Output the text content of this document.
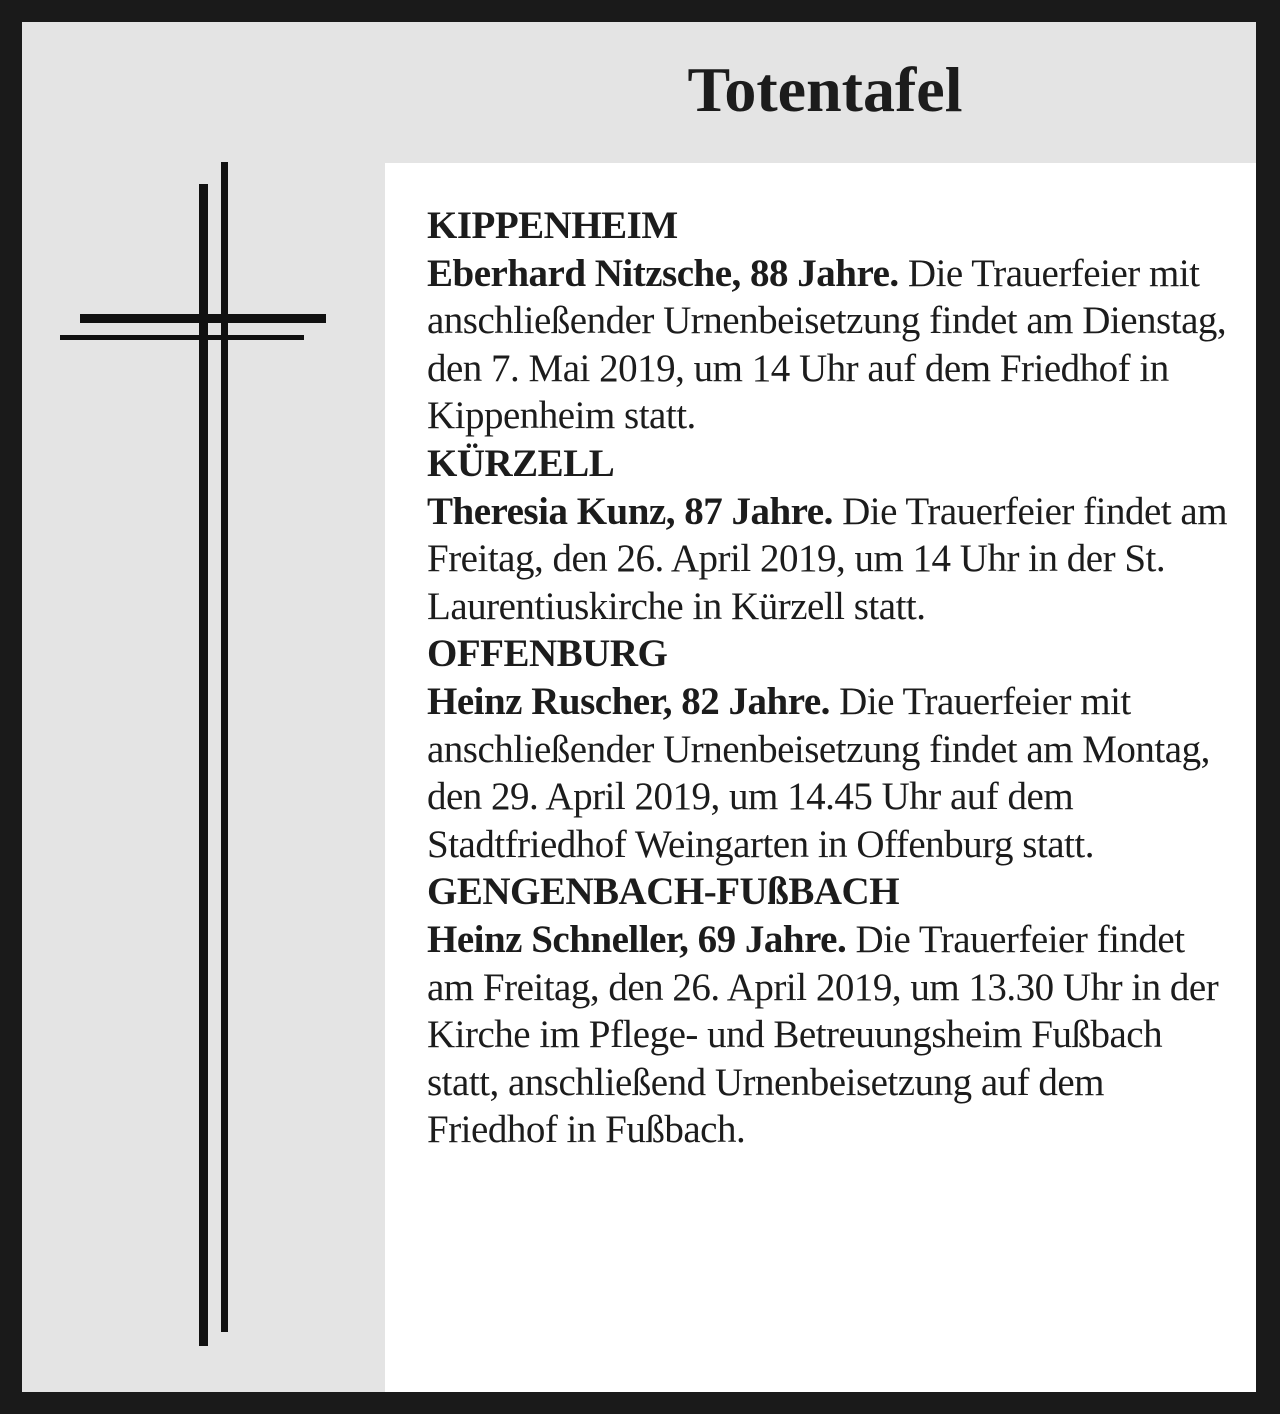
Totentafel
KIPPENHEIM
Eberhard Nitzsche, 88 Jahre. Die Trauerfeier mit anschließender Urnenbeisetzung findet am Dienstag, den 7. Mai 2019, um 14 Uhr auf dem Friedhof in Kippenheim statt.
KÜRZELL
Theresia Kunz, 87 Jahre. Die Trauerfeier findet am Freitag, den 26. April 2019, um 14 Uhr in der St. Laurentiuskirche in Kürzell statt.
OFFENBURG
Heinz Ruscher, 82 Jahre. Die Trauerfeier mit anschließender Urnenbeisetzung findet am Montag, den 29. April 2019, um 14.45 Uhr auf dem Stadtfriedhof Weingarten in Offenburg statt.
GENGENBACH-FUßBACH
Heinz Schneller, 69 Jahre. Die Trauerfeier findet am Freitag, den 26. April 2019, um 13.30 Uhr in der Kirche im Pflege- und Betreuungsheim Fußbach statt, anschließend Urnenbeisetzung auf dem Friedhof in Fußbach.
